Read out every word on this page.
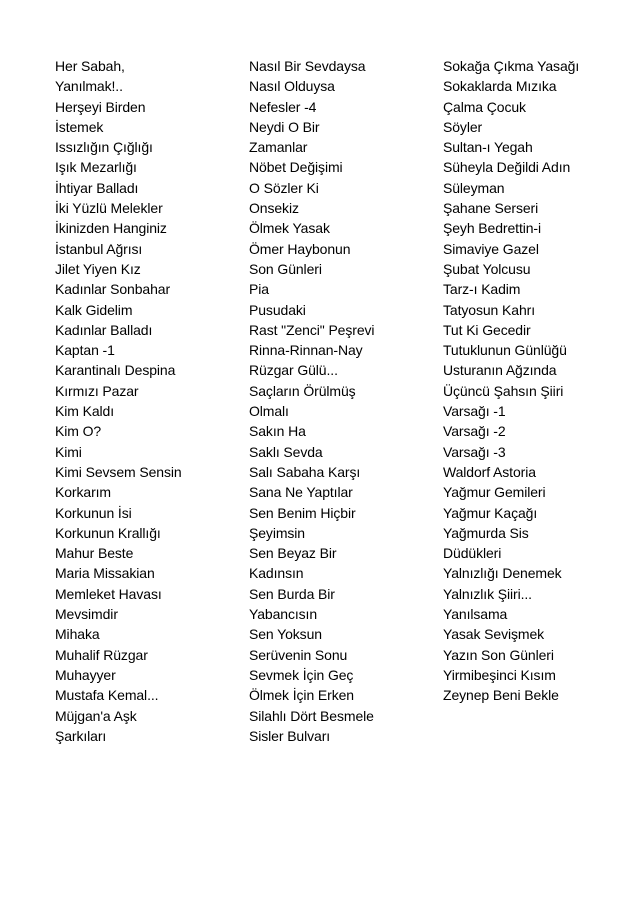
Her Sabah,
Yanılmak!..
Herşeyi Birden
İstemek
Issızlığın Çığlığı
Işık Mezarlığı
İhtiyar Balladı
İki Yüzlü Melekler
İkinizden Hanginiz
İstanbul Ağrısı
Jilet Yiyen Kız
Kadınlar Sonbahar
Kalk Gidelim
Kadınlar Balladı
Kaptan -1
Karantinalı Despina
Kırmızı Pazar
Kim Kaldı
Kim O?
Kimi
Kimi Sevsem Sensin
Korkarım
Korkunun İsi
Korkunun Krallığı
Mahur Beste
Maria Missakian
Memleket Havası
Mevsimdir
Mihaka
Muhalif Rüzgar
Muhayyer
Mustafa Kemal...
Müjgan'a Aşk
Şarkıları
Nasıl Bir Sevdaysa
Nasıl Olduysa
Nefesler -4
Neydi O Bir
Zamanlar
Nöbet Değişimi
O Sözler Ki
Onsekiz
Ölmek Yasak
Ömer Haybonun
Son Günleri
Pia
Pusudaki
Rast "Zenci" Peşrevi
Rinna-Rinnan-Nay
Rüzgar Gülü...
Saçların Örülmüş
Olmalı
Sakın Ha
Saklı Sevda
Salı Sabaha Karşı
Sana Ne Yaptılar
Sen Benim Hiçbir
Şeyimsin
Sen Beyaz Bir
Kadınsın
Sen Burda Bir
Yabancısın
Sen Yoksun
Serüvenin Sonu
Sevmek İçin Geç
Ölmek İçin Erken
Silahlı Dört Besmele
Sisler Bulvarı
Sokağa Çıkma Yasağı
Sokaklarda Mızıka
Çalma Çocuk
Söyler
Sultan-ı Yegah
Süheyla Değildi Adın
Süleyman
Şahane Serseri
Şeyh Bedrettin-i
Simaviye Gazel
Şubat Yolcusu
Tarz-ı Kadim
Tatyosun Kahrı
Tut Ki Gecedir
Tutuklunun Günlüğü
Usturanın Ağzında
Üçüncü Şahsın Şiiri
Varsağı -1
Varsağı -2
Varsağı -3
Waldorf Astoria
Yağmur Gemileri
Yağmur Kaçağı
Yağmurda Sis
Düdükleri
Yalnızlığı Denemek
Yalnızlık Şiiri...
Yanılsama
Yasak Sevişmek
Yazın Son Günleri
Yirmibeşinci Kısım
Zeynep Beni Bekle
